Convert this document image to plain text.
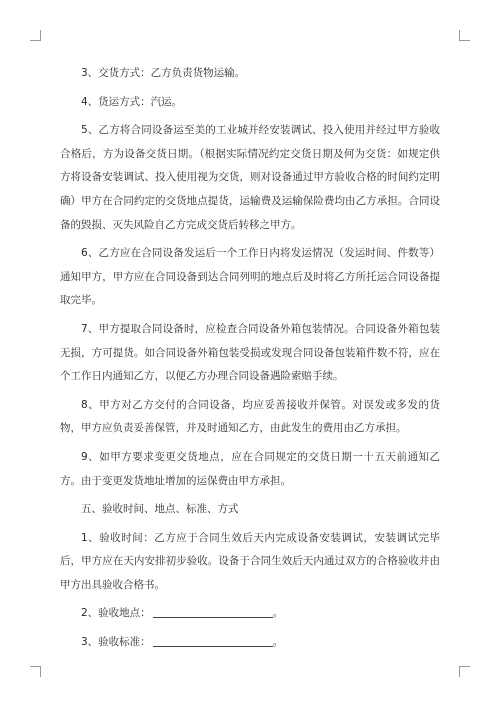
3、交货方式：乙方负责货物运输。

4、货运方式：汽运。

5、乙方将合同设备运至美的工业城并经安装调试、投入使用并经过甲方验收合格后，方为设备交货日期。（根据实际情况约定交货日期及何为交货：如规定供方将设备安装调试、投入使用视为交货，则对设备通过甲方验收合格的时间约定明确）甲方在合同约定的交货地点提货，运输费及运输保险费均由乙方承担。合同设备的毁损、灭失风险自乙方完成交货后转移之甲方。

6、乙方应在合同设备发运后一个工作日内将发运情况（发运时间、件数等）通知甲方，甲方应在合同设备到达合同列明的地点后及时将乙方所托运合同设备提取完毕。

7、甲方提取合同设备时，应检查合同设备外箱包装情况。合同设备外箱包装无损，方可提货。如合同设备外箱包装受损或发现合同设备包装箱件数不符，应在个工作日内通知乙方，以便乙方办理合同设备遇险索赔手续。

8、甲方对乙方交付的合同设备，均应妥善接收并保管。对误发或多发的货物，甲方应负责妥善保管，并及时通知乙方，由此发生的费用由乙方承担。

9、如甲方要求变更交货地点，应在合同规定的交货日期一十五天前通知乙方。由于变更发货地址增加的运保费由甲方承担。

五、验收时间、地点、标准、方式

1、验收时间：乙方应于合同生效后天内完成设备安装调试，安装调试完毕后，甲方应在天内安排初步验收。设备于合同生效后天内通过双方的合格验收并由甲方出具验收合格书。

2、验收地点：	。

3、验收标准：	。
